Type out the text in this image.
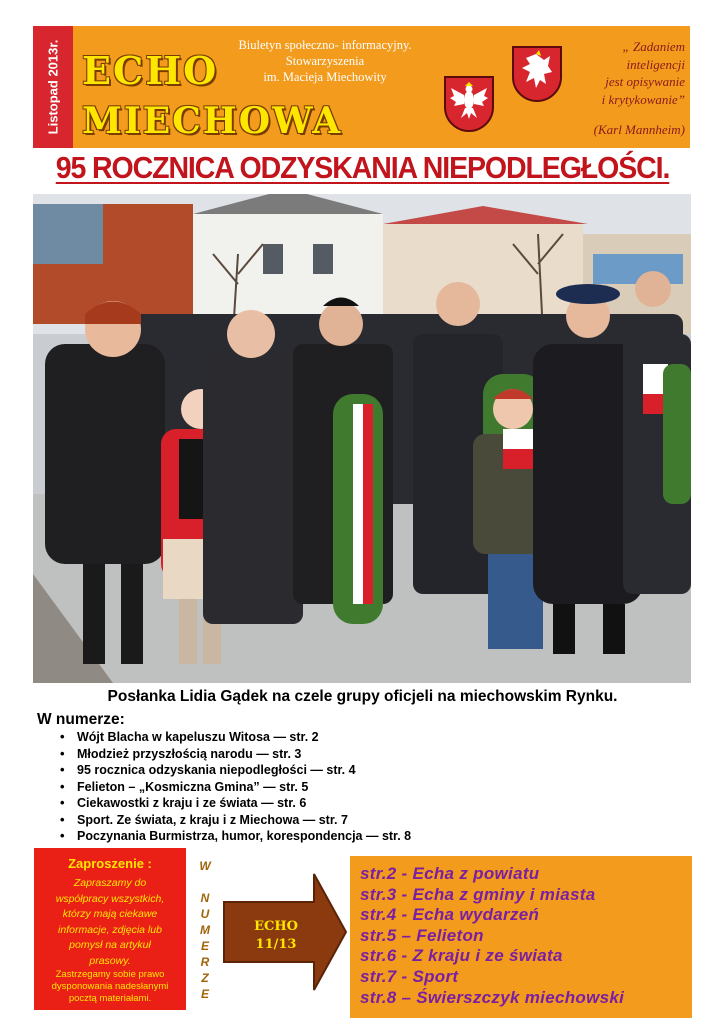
Listopad 2013r. ECHO
MIECHOWA
Biuletyn społeczno- informacyjny.
Stowarzyszenia
im. Macieja Miechowity
„ Zadaniem
inteligencji
jest opisywanie
i krytykowanie”
(Karl Mannheim)
95 ROCZNICA ODZYSKANIA NIEPODLEGŁOŚCI.
Posłanka Lidia Gądek na czele grupy oficjeli na miechowskim Rynku.
W numerze:
• Wójt Blacha w kapeluszu Witosa — str. 2
• Młodzież przyszłością narodu — str. 3
• 95 rocznica odzyskania niepodległości — str. 4
• Felieton – „Kosmiczna Gmina” — str. 5
• Ciekawostki z kraju i ze świata — str. 6
• Sport. Ze świata, z kraju i z Miechowa — str. 7
• Poczynania Burmistrza, humor, korespondencja — str. 8
Zaproszenie :
Zapraszamy do
współpracy wszystkich,
którzy mają ciekawe
informacje, zdjęcia lub
pomysł na artykuł
prasowy.
Zastrzegamy sobie prawo
dysponowania nadesłanymi
pocztą materiałami.
W

N
U
M
E
R
Z
E
ECHO
11/13
str.2 - Echa z powiatu
str.3 - Echa z gminy i miasta
str.4 - Echa wydarzeń
str.5 – Felieton
str.6 - Z kraju i ze świata
str.7 - Sport
str.8 – Świerszczyk miechowski
